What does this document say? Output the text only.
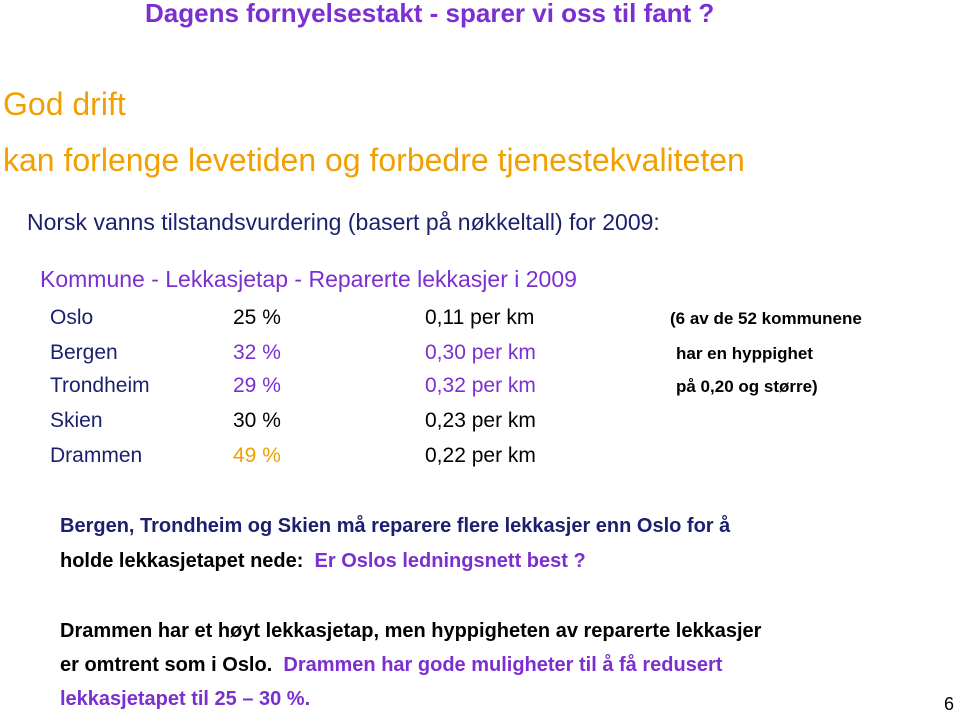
Dagens fornyelsestakt - sparer vi oss til fant ?
God drift
kan forlenge levetiden og forbedre tjenestekvaliteten
Norsk vanns tilstandsvurdering (basert på nøkkeltall) for 2009:
Kommune - Lekkasjetap - Reparerte lekkasjer i 2009
Oslo	25 %	0,11 per km	(6 av de 52 kommunene
Bergen	32 %	0,30 per km	har en hyppighet
Trondheim	29 %	0,32 per km	på 0,20 og større)
Skien	30 %	0,23 per km
Drammen	49 %	0,22 per km
Bergen, Trondheim og Skien må reparere flere lekkasjer enn Oslo for å
holde lekkasjetapet nede:  Er Oslos ledningsnett best ?
Drammen har et høyt lekkasjetap, men hyppigheten av reparerte lekkasjer
er omtrent som i Oslo.  Drammen har gode muligheter til å få redusert
lekkasjetapet til 25 – 30 %.	6
